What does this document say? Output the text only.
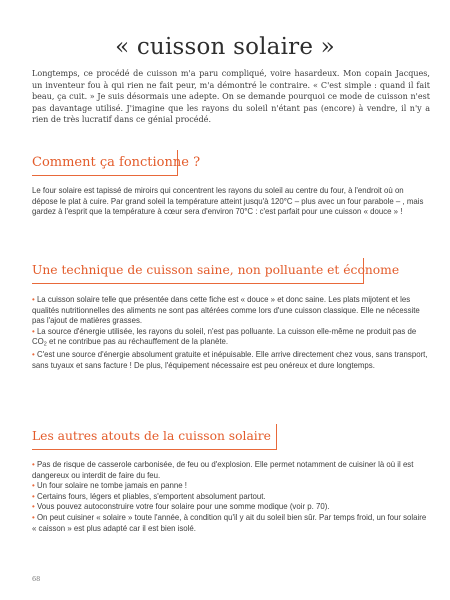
« cuisson solaire »

Longtemps, ce procédé de cuisson m'a paru compliqué, voire hasardeux. Mon copain Jacques, un inventeur fou à qui rien ne fait peur, m'a démontré le contraire. « C'est simple : quand il fait beau, ça cuit. » Je suis désormais une adepte. On se demande pourquoi ce mode de cuisson n'est pas davantage utilisé. J'imagine que les rayons du soleil n'étant pas (encore) à vendre, il n'y a rien de très lucratif dans ce génial procédé.

Comment ça fonctionne ?

Le four solaire est tapissé de miroirs qui concentrent les rayons du soleil au centre du four, à l'endroit où on dépose le plat à cuire. Par grand soleil la température atteint jusqu'à 120°C – plus avec un four parabole – , mais gardez à l'esprit que la température à cœur sera d'environ 70°C : c'est parfait pour une cuisson « douce » !

Une technique de cuisson saine, non polluante et économe

• La cuisson solaire telle que présentée dans cette fiche est « douce » et donc saine. Les plats mijotent et les qualités nutritionnelles des aliments ne sont pas altérées comme lors d'une cuisson classique. Elle ne nécessite pas l'ajout de matières grasses.

• La source d'énergie utilisée, les rayons du soleil, n'est pas polluante. La cuisson elle-même ne produit pas de $CO_2$ et ne contribue pas au réchauffement de la planète.

• C'est une source d'énergie absolument gratuite et inépuisable. Elle arrive directement chez vous, sans transport, sans tuyaux et sans facture ! De plus, l'équipement nécessaire est peu onéreux et dure longtemps.

Les autres atouts de la cuisson solaire

• Pas de risque de casserole carbonisée, de feu ou d'explosion. Elle permet notamment de cuisiner là où il est dangereux ou interdit de faire du feu.

• Un four solaire ne tombe jamais en panne !

• Certains fours, légers et pliables, s'emportent absolument partout.

• Vous pouvez autoconstruire votre four solaire pour une somme modique (voir p. 70).

• On peut cuisiner « solaire » toute l'année, à condition qu'il y ait du soleil bien sûr. Par temps froid, un four solaire « caisson » est plus adapté car il est bien isolé.

68
